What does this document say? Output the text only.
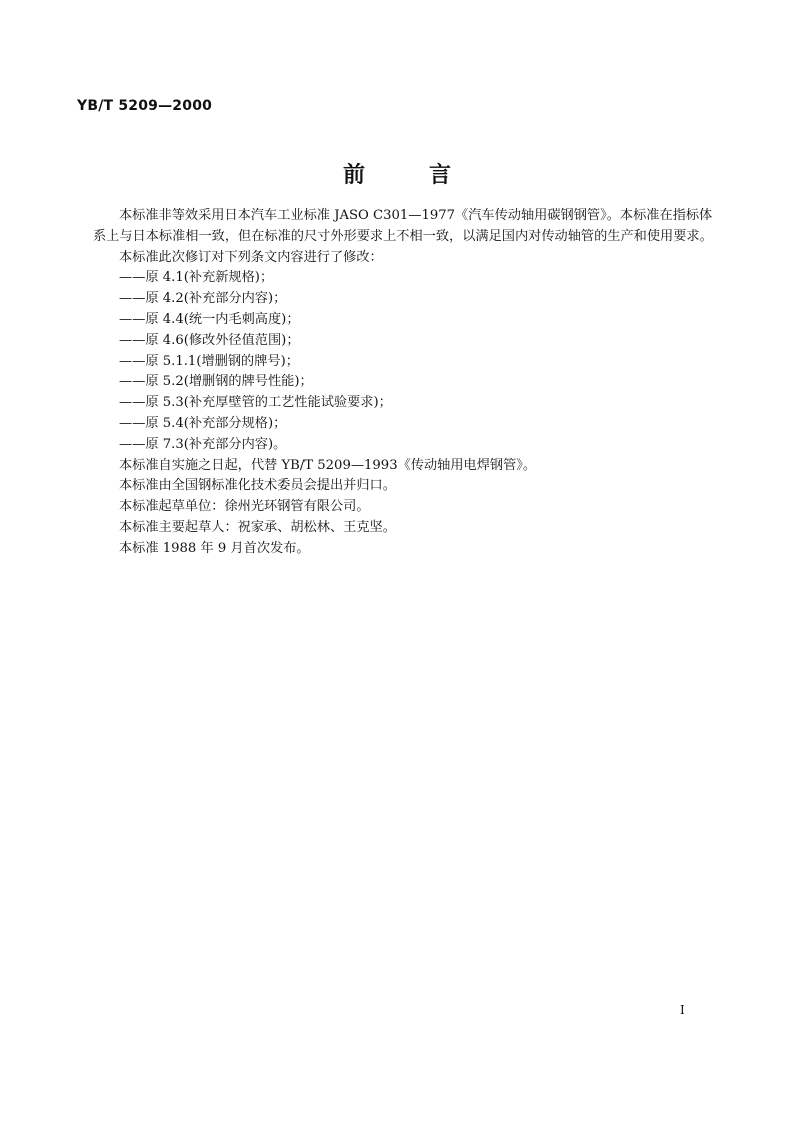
YB/T 5209—2000
前言

本标准非等效采用日本汽车工业标准 JASO C301—1977《汽车传动轴用碳钢钢管》。本标准在指标体系上与日本标准相一致，但在标准的尺寸外形要求上不相一致，以满足国内对传动轴管的生产和使用要求。

本标准此次修订对下列条文内容进行了修改：

——原 4.1(补充新规格)；

——原 4.2(补充部分内容)；

——原 4.4(统一内毛刺高度)；

——原 4.6(修改外径值范围)；

——原 5.1.1(增删钢的牌号)；

——原 5.2(增删钢的牌号性能)；

——原 5.3(补充厚壁管的工艺性能试验要求)；

——原 5.4(补充部分规格)；

——原 7.3(补充部分内容)。

本标准自实施之日起，代替 YB/T 5209—1993《传动轴用电焊钢管》。

本标准由全国钢标准化技术委员会提出并归口。

本标准起草单位：徐州光环钢管有限公司。

本标准主要起草人：祝家承、胡松林、王克坚。

本标准 1988 年 9 月首次发布。

I
